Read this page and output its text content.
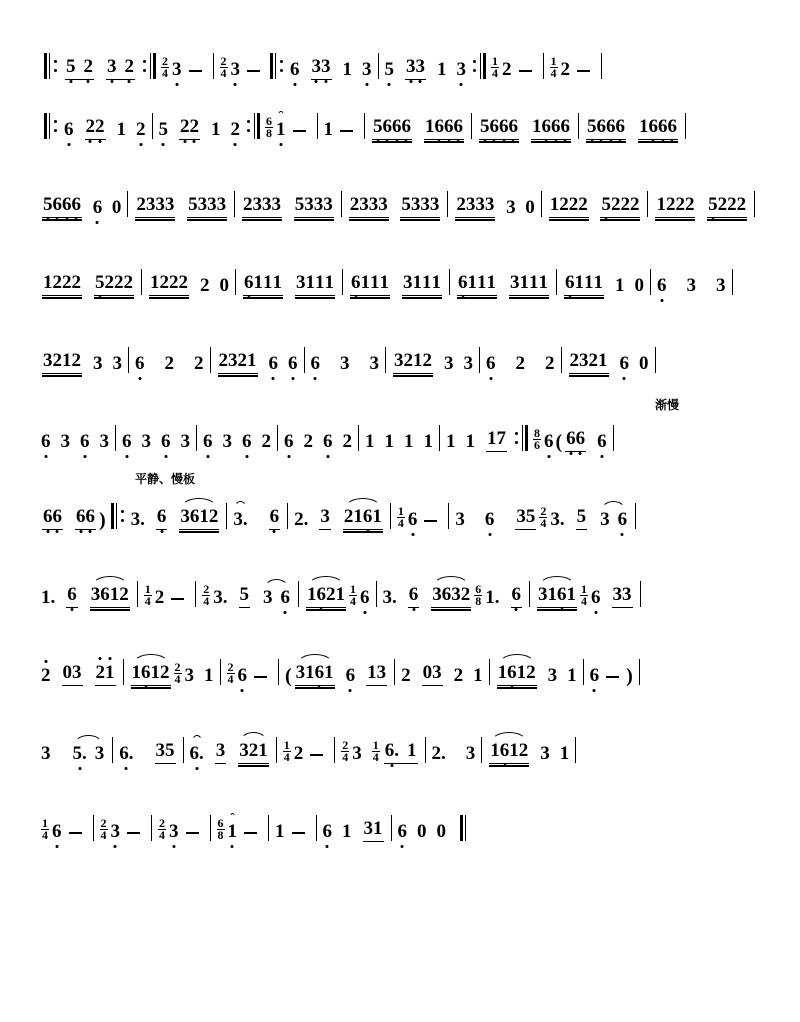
5 2 3 2 2
4 3	2
4 3	6 3 3 1 3 5 3 3 1 3 1
4 2	1
4 2
6 2 2 1 2 5 2 2 1 2 6
8 1 1 5 6 6 6 1 6 6 6 5 6 6 6 1 6 6 6 5 6 6 6 1 6 6 6
5 6 6 6 6 0 2 3 3 3 5 3 3 3 2 3 3 3 5 3 3 3 2 3 3 3 5 3 3 3 2 3 3 3 3 0 1 2 2 2 5 2 2 2 1 2 2 2 5 2 2 2
1 2 2 2 5 2 2 2 1 2 2 2 2 0 6 1 1 1 3 1 1 1 6 1 1 1 3 1 1 1 6 1 1 1 3 1 1 1 6 1 1 1 1 0 6 3 3
3 2 1 2 3 3 6 2 2 2 3 2 1 6 6 6 3 3 3 2 1 2 3 3 6 2 2 2 3 2 1 6 0
渐慢
6 3 6 3 6 3 6 3 6 3 6 2 6 2 6 2 1 1 1 1 1 1 1 7 8
6 6 ( 6 6 6
平静、慢板
6 6 6 6 ) 3. 6 3 6 1 2 3. 6 2. 3 2 1 6 1 1
4 6 3 6 3 5 2
4 3. 5 3 6
1. 6 3 6 1 2 1
4 2	2
4 3. 5 3 6 1 6 2 1 1
4 6 3. 6 3 6 3 2 6
8 1. 6 3 1 6 1 1
4 6 3 3
2 0 3 2 1 1 6 1 2 2
4 3 1 2
4 6 ( 3 1 6 1 6 1 3 2 0 3 2 1 1 6 1 2 3 1 6 )
3 5. 3 6. 3 5 6. 3 3 2 1 1
4 2	2
4 3 1
4 6. 1 2. 3 1 6 1 2 3 1
1
4 6	2
4 3	2
4 3	6
8 1 1 6 1 3 1 6 0 0
